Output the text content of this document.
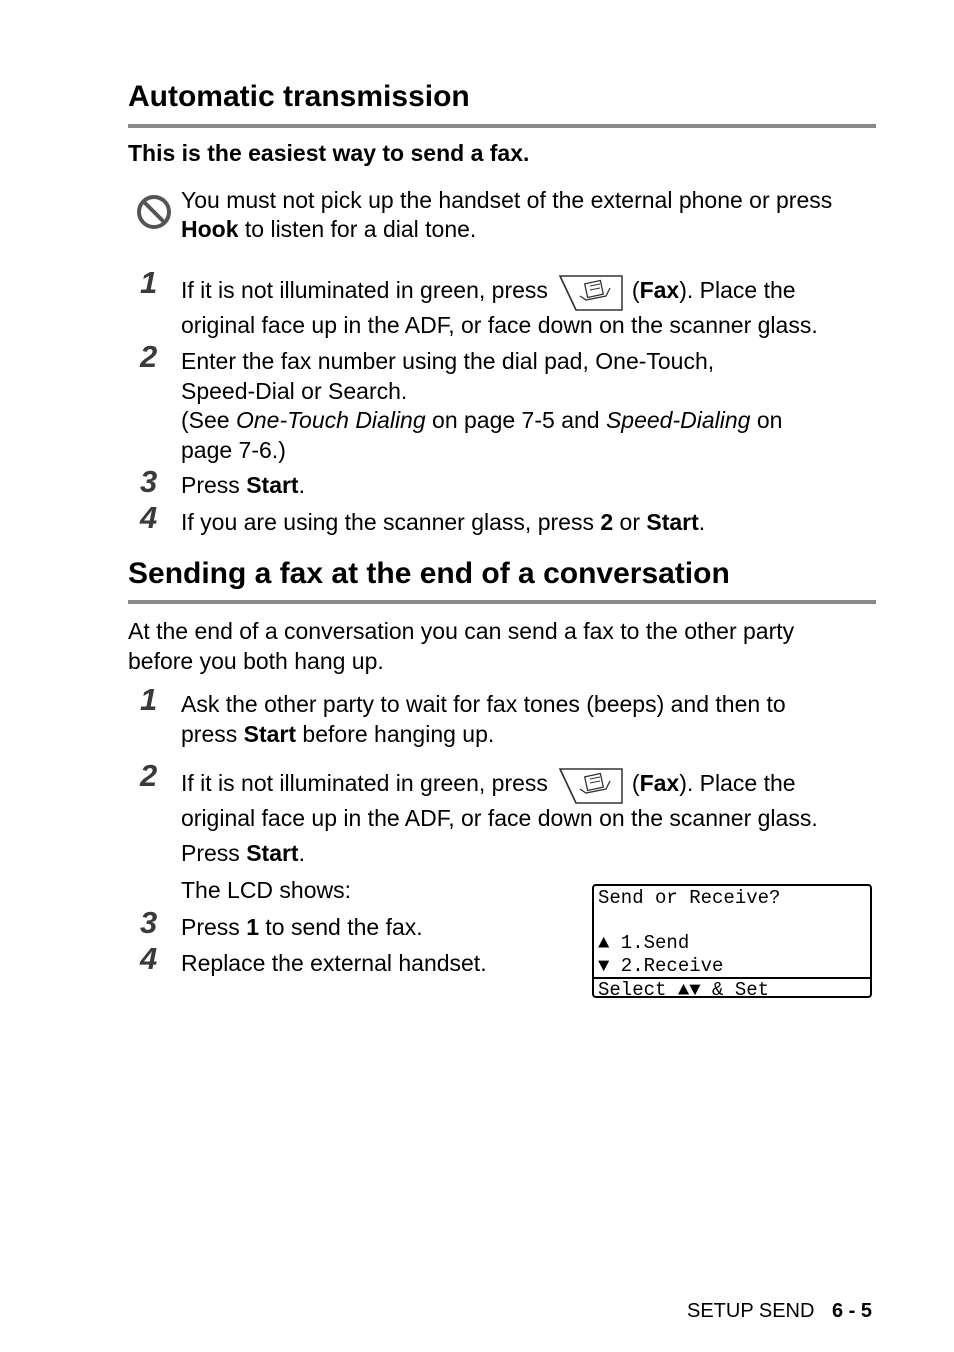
Automatic transmission
This is the easiest way to send a fax.
You must not pick up the handset of the external phone or press
Hook to listen for a dial tone.
1 If it is not illuminated in green, press	(Fax). Place the
original face up in the ADF, or face down on the scanner glass.
2 Enter the fax number using the dial pad, One-Touch,
Speed-Dial or Search.
(See One-Touch Dialing on page 7-5 and Speed-Dialing on
page 7-6.)
3 Press Start.
4 If you are using the scanner glass, press 2 or Start.
Sending a fax at the end of a conversation
At the end of a conversation you can send a fax to the other party
before you both hang up.
1 Ask the other party to wait for fax tones (beeps) and then to
press Start before hanging up.
2 If it is not illuminated in green, press	(Fax). Place the
original face up in the ADF, or face down on the scanner glass.
Press Start.
The LCD shows:
3 Press 1 to send the fax.
4 Replace the external handset.
Send or Receive?
▲ 1.Send
▼ 2.Receive
Select ▲▼ & Set
SETUP SEND 6 - 5
